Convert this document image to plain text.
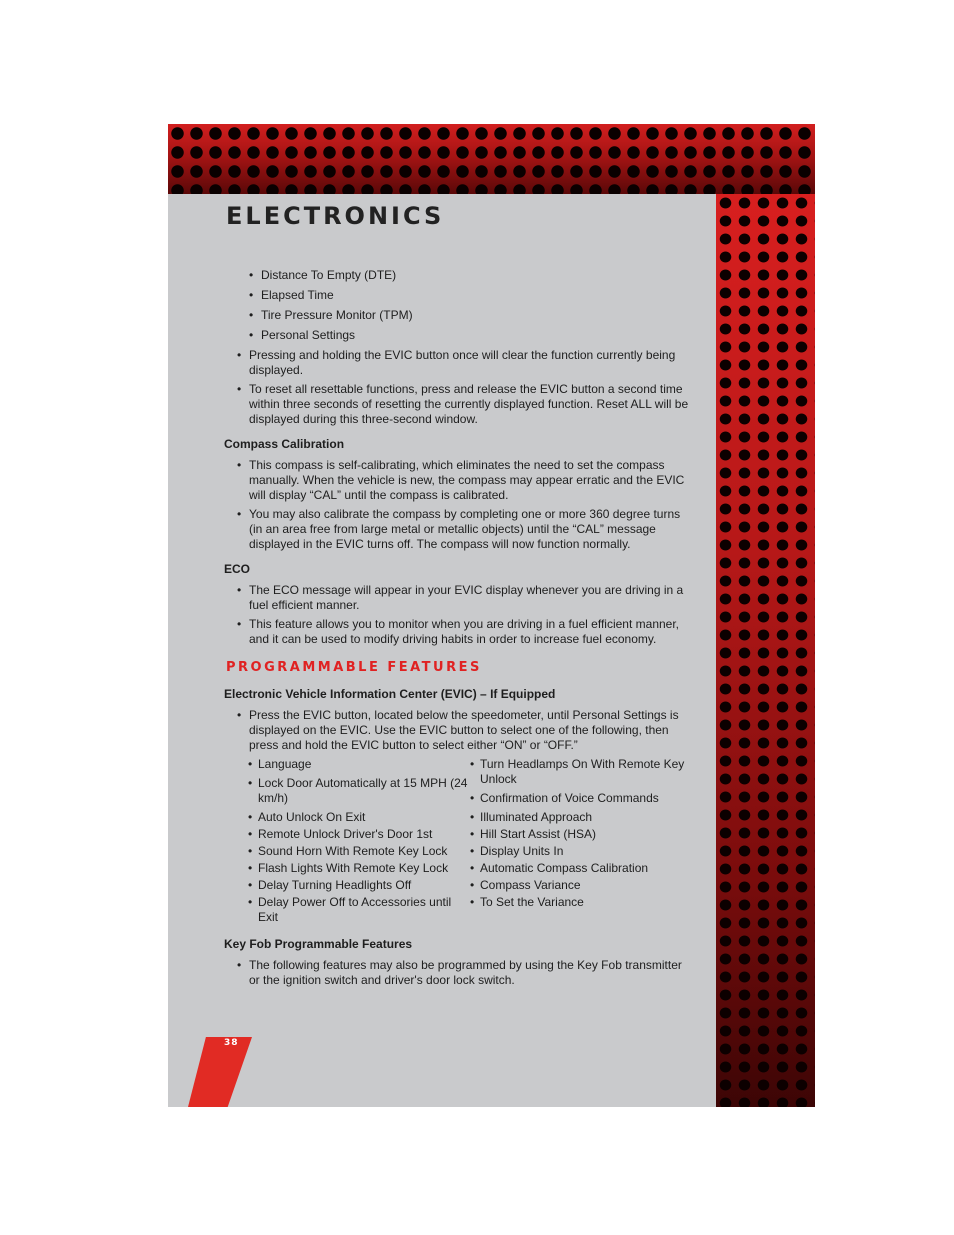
ELECTRONICS
• Distance To Empty (DTE)
• Elapsed Time
• Tire Pressure Monitor (TPM)
• Personal Settings
• Pressing and holding the EVIC button once will clear the function currently being displayed.
• To reset all resettable functions, press and release the EVIC button a second time within three seconds of resetting the currently displayed function. Reset ALL will be displayed during this three-second window.
Compass Calibration
• This compass is self-calibrating, which eliminates the need to set the compass manually. When the vehicle is new, the compass may appear erratic and the EVIC will display “CAL” until the compass is calibrated.
• You may also calibrate the compass by completing one or more 360 degree turns (in an area free from large metal or metallic objects) until the “CAL” message displayed in the EVIC turns off. The compass will now function normally.
ECO
• The ECO message will appear in your EVIC display whenever you are driving in a fuel efficient manner.
• This feature allows you to monitor when you are driving in a fuel efficient manner, and it can be used to modify driving habits in order to increase fuel economy.
PROGRAMMABLE FEATURES
Electronic Vehicle Information Center (EVIC) – If Equipped
• Press the EVIC button, located below the speedometer, until Personal Settings is displayed on the EVIC. Use the EVIC button to select one of the following, then press and hold the EVIC button to select either “ON” or “OFF.”
• Language
• Lock Door Automatically at 15 MPH (24 km/h)
• Auto Unlock On Exit
• Remote Unlock Driver's Door 1st
• Sound Horn With Remote Key Lock
• Flash Lights With Remote Key Lock
• Delay Turning Headlights Off
• Delay Power Off to Accessories until Exit
• Turn Headlamps On With Remote Key Unlock
• Confirmation of Voice Commands
• Illuminated Approach
• Hill Start Assist (HSA)
• Display Units In
• Automatic Compass Calibration
• Compass Variance
• To Set the Variance
Key Fob Programmable Features
• The following features may also be programmed by using the Key Fob transmitter or the ignition switch and driver's door lock switch.
38
